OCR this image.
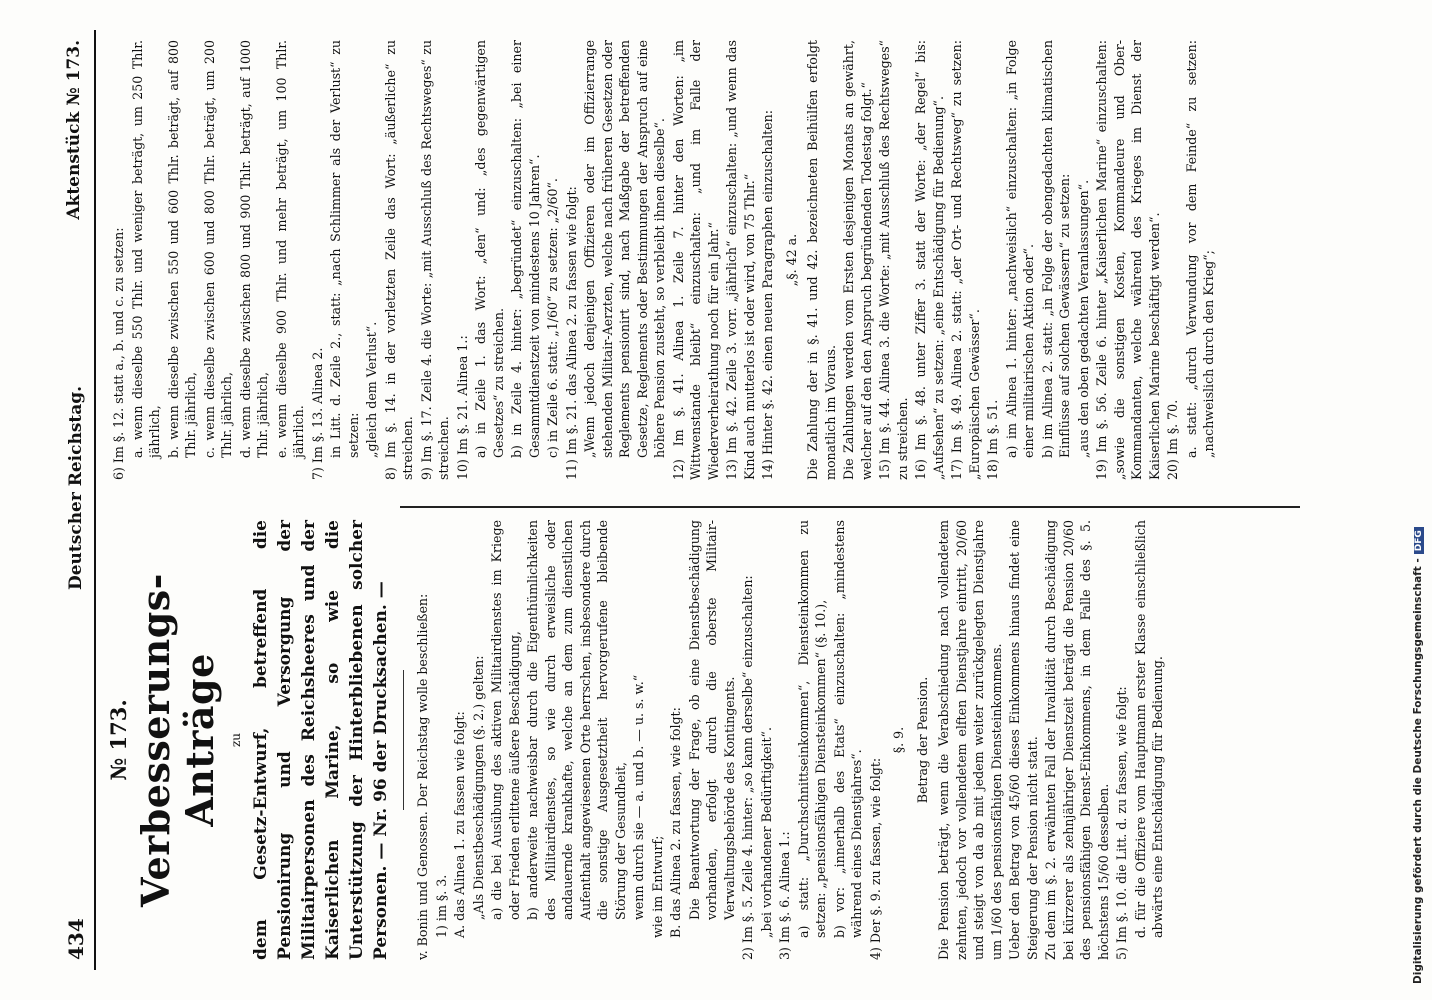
434
Deutscher Reichstag.
Aktenstück № 173.
№ 173. Verbesserungs-Anträge zu dem Gesetz-Entwurf, betreffend die Pensionirung und Versorgung der Militairpersonen des Reichsheeres und der Kaiserlichen Marine, so wie die Unterstützung der Hinterbliebenen solcher Personen. — Nr. 96 der Drucksachen. — v. Bonin und Genossen. Der Reichstag wolle beschließen: 1) im §. 3. A. das Alinea 1. zu fassen wie folgt: „Als Dienstbeschädigungen (§. 2.) gelten: a) die bei Ausübung des aktiven Militairdienstes im Kriege oder Frieden erlittene äußere Beschädigung, b) anderweite nachweisbar durch die Eigenthümlichkeiten des Militairdienstes, so wie durch erweisliche oder andauernde krankhafte, welche an dem zum dienstlichen Aufenthalt angewiesenen Orte herrschen, insbesondere durch die sonstige Ausgesetztheit hervorgerufene bleibende Störung der Gesundheit, wenn durch sie — a. und b. — u. s. w.“ wie im Entwurf; B. das Alinea 2. zu fassen, wie folgt: Die Beantwortung der Frage, ob eine Dienstbeschädigung vorhanden, erfolgt durch die oberste Militair-Verwaltungsbehörde des Kontingents. 2) Im §. 5. Zeile 4. hinter: „so kann derselbe“ einzuschalten: „bei vorhandener Bedürftigkeit“. 3) Im §. 6. Alinea 1.: a) statt: „Durchschnittseinkommen“, Diensteinkommen zu setzen: „pensionsfähigen Diensteinkommen“ (§. 10.), b) vor: „innerhalb des Etats“ einzuschalten: „mindestens während eines Dienstjahres“. 4) Der §. 9. zu fassen, wie folgt:

§. 9. Betrag der Pension. Die Pension beträgt, wenn die Verabschiedung nach vollendetem zehnten, jedoch vor vollendetem elften Dienstjahre eintritt, 20/60 und steigt von da ab mit jedem weiter zurückgelegten Dienstjahre um 1/60 des pensionsfähigen Diensteinkommens. Ueber den Betrag von 45/60 dieses Einkommens hinaus findet eine Steigerung der Pension nicht statt. Zu dem im §. 2. erwähnten Fall der Invalidität durch Beschädigung bei kürzerer als zehnjähriger Dienstzeit beträgt die Pension 20/60 des pensionsfähigen Dienst-Einkommens, in dem Falle des §. 5. höchstens 15/60 desselben. 5) Im §. 10. die Litt. d. zu fassen, wie folgt: d. für die Offiziere vom Hauptmann erster Klasse einschließlich abwärts eine Entschädigung für Bedienung.

6) Im §. 12. statt a., b. und c. zu setzen: a. wenn dieselbe 550 Thlr. und weniger beträgt, um 250 Thlr. jährlich, b. wenn dieselbe zwischen 550 und 600 Thlr. beträgt, auf 800 Thlr. jährlich, c. wenn dieselbe zwischen 600 und 800 Thlr. beträgt, um 200 Thlr. jährlich, d. wenn dieselbe zwischen 800 und 900 Thlr. beträgt, auf 1000 Thlr. jährlich, e. wenn dieselbe 900 Thlr. und mehr beträgt, um 100 Thlr. jährlich. 7) Im §. 13. Alinea 2. in Litt. d. Zeile 2., statt: „nach Schlimmer als der Verlust“ zu setzen: „gleich dem Verlust“. 8) Im §. 14. in der vorletzten Zeile das Wort: „äußerliche“ zu streichen. 9) Im §. 17. Zeile 4. die Worte: „mit Ausschluß des Rechtsweges“ zu streichen. 10) Im §. 21. Alinea 1.: a) in Zeile 1. das Wort: „den“ und: „des gegenwärtigen Gesetzes“ zu streichen. b) in Zeile 4. hinter: „begründet“ einzuschalten: „bei einer Gesammtdienstzeit von mindestens 10 Jahren“. c) in Zeile 6. statt: „1/60“ zu setzen: „2/60“. 11) Im §. 21. das Alinea 2. zu fassen wie folgt: „Wenn jedoch denjenigen Offizieren oder im Offizierrange stehenden Militair-Aerzten, welche nach früheren Gesetzen oder Reglements pensionirt sind, nach Maßgabe der betreffenden Gesetze, Reglements oder Bestimmungen der Anspruch auf eine höhere Pension zusteht, so verbleibt ihnen dieselbe“. 12) Im §. 41. Alinea 1. Zeile 7. hinter den Worten: „im Wittwenstande bleibt“ einzuschalten: „und im Falle der Wiederverheirathung noch für ein Jahr.“ 13) Im §. 42. Zeile 3. vorr. „jährlich“ einzuschalten: „und wenn das Kind auch mutterlos ist oder wird, von 75 Thlr.“ 14) Hinter §. 42. einen neuen Paragraphen einzuschalten: „§. 42 a. Die Zahlung der in §. 41. und 42. bezeichneten Beihülfen erfolgt monatlich im Voraus. Die Zahlungen werden vom Ersten desjenigen Monats an gewährt, welcher auf den den Anspruch begründenden Todestag folgt.“ 15) Im §. 44. Alinea 3. die Worte: „mit Ausschluß des Rechtsweges“ zu streichen. 16) Im §. 48. unter Ziffer 3. statt der Worte: „der Regel“ bis: „Aufsehen“ zu setzen: „eine Entschädigung für Bedienung“. 17) Im §. 49. Alinea 2. statt: „der Ort- und Rechtsweg“ zu setzen: „Europäischen Gewässer“. 18) Im §. 51. a) im Alinea 1. hinter: „nachweislich“ einzuschalten: „in Folge einer militairischen Aktion oder“. b) im Alinea 2. statt: „in Folge der obengedachten klimatischen Einflüsse auf solchen Gewässern“ zu setzen: „aus den oben gedachten Veranlassungen“. 19) Im §. 56. Zeile 6. hinter „Kaiserlichen Marine“ einzuschalten: „sowie die sonstigen Kosten, Kommandeure und Ober-Kommandanten, welche während des Krieges im Dienst der Kaiserlichen Marine beschäftigt werden“. 20) Im §. 70. a. statt: „durch Verwundung vor dem Feinde“ zu setzen: „nachweislich durch den Krieg“;

Digitalisierung gefördert durch die Deutsche Forschungsgemeinschaft -DFG
